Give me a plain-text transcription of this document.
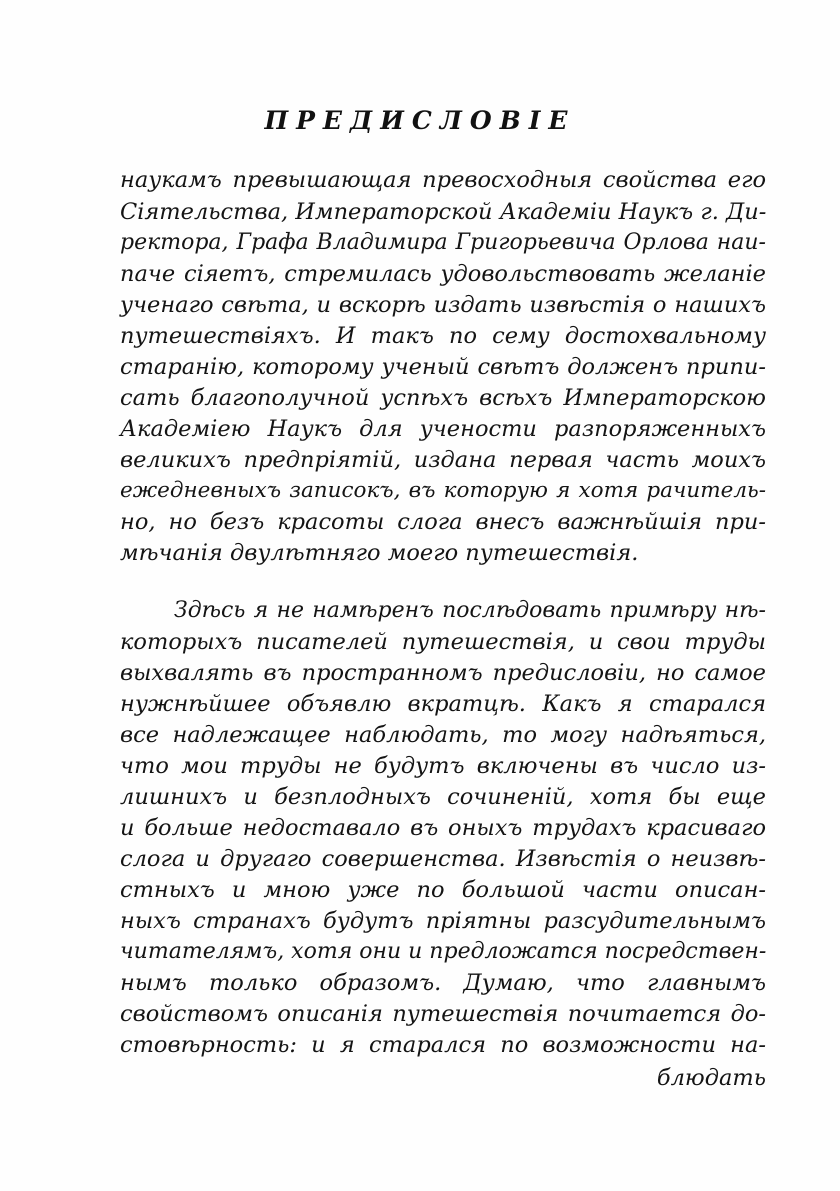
ПРЕДИСЛОВIЕ
наукамъ превышающая превосходныя свойства его
Сiятельства, Императорской Академiи Наукъ г. Ди-
ректора, Графа Владимира Григорьевича Орлова наи-
паче сiяетъ, стремилась удовольствовать желанiе
ученаго свѣта, и вскорѣ издать извѣстiя о нашихъ
путешествiяхъ. И такъ по сему достохвальному
старанiю, которому ученый свѣтъ долженъ припи-
сать благополучной успѣхъ всѣхъ Императорскою
Академiею Наукъ для учености разпоряженныхъ
великихъ предпрiятiй, издана первая часть моихъ
ежедневныхъ записокъ, въ которую я хотя рачитель-
но, но безъ красоты слога внесъ важнѣйшiя при-
мѣчанiя двулѣтняго моего путешествiя.
Здѣсь я не намѣренъ послѣдовать примѣру нѣ-
которыхъ писателей путешествiя, и свои труды
выхвалять въ пространномъ предисловiи, но самое
нужнѣйшее объявлю вкратцѣ. Какъ я старался
все надлежащее наблюдать, то могу надѣяться,
что мои труды не будутъ включены въ число из-
лишнихъ и безплодныхъ сочиненiй, хотя бы еще
и больше недоставало въ оныхъ трудахъ красиваго
слога и другаго совершенства. Извѣстiя о неизвѣ-
стныхъ и мною уже по большой части описан-
ныхъ странахъ будутъ прiятны разсудительнымъ
читателямъ, хотя они и предложатся посредствен-
нымъ только образомъ. Думаю, что главнымъ
свойствомъ описанiя путешествiя почитается до-
стовѣрность: и я старался по возможности на-
блюдать
